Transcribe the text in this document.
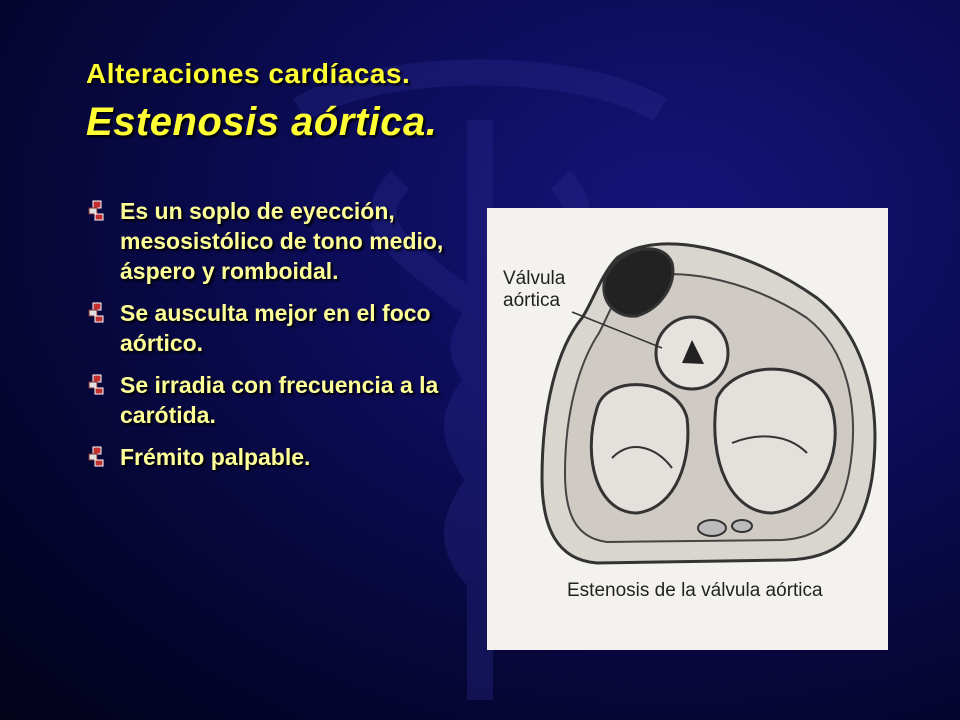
Alteraciones cardíacas.
Estenosis aórtica.
Es un soplo de eyección, mesosistólico de tono medio, áspero y romboidal.
Se ausculta mejor en el foco aórtico.
Se irradia con frecuencia a la carótida.
Frémito palpable.
Válvula
aórtica
Estenosis de la válvula aórtica
